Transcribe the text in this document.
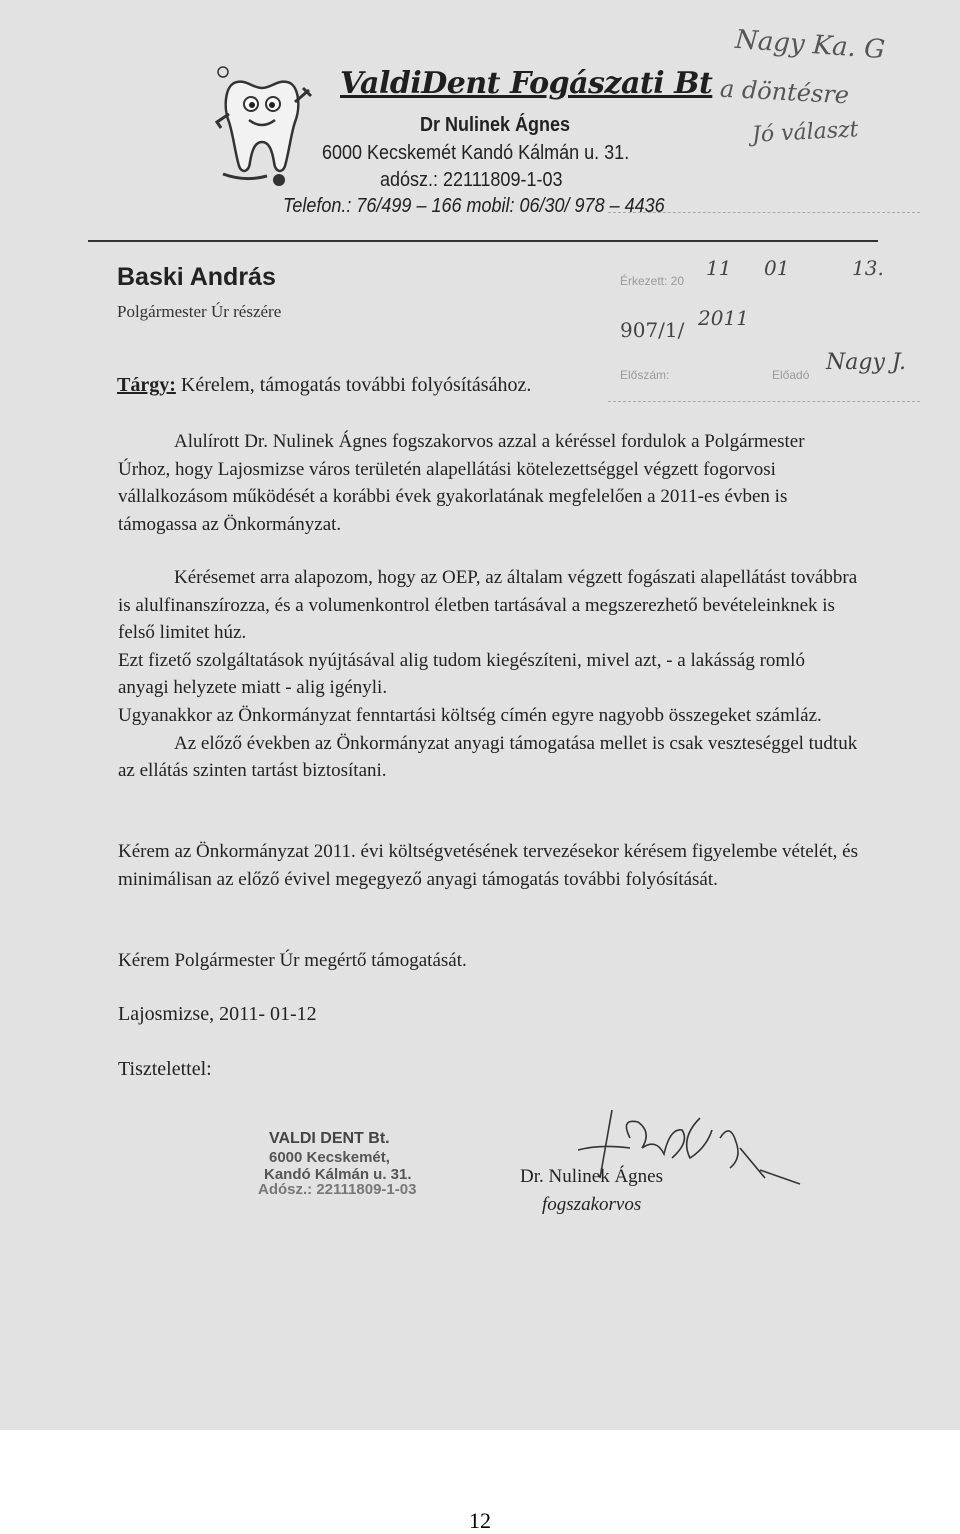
ValdiDent Fogászati Bt
Dr Nulinek Ágnes
6000 Kecskemét Kandó Kálmán u. 31.
adósz.: 22111809-1-03
Telefon.: 76/499 – 166 mobil: 06/30/ 978 – 4436
Nagy Ka. G
a döntésre
Jó választ
Érkezett: 20
11 01	13.
907/1/ 2011
Előszám:	Előadó Nagy J.
Baski András
Polgármester Úr részére
Tárgy: Kérelem, támogatás további folyósításához.

Alulírott Dr. Nulinek Ágnes fogszakorvos azzal a kéréssel fordulok a Polgármester Úrhoz, hogy Lajosmizse város területén alapellátási kötelezettséggel végzett fogorvosi vállalkozásom működését a korábbi évek gyakorlatának megfelelően a 2011-es évben is támogassa az Önkormányzat.

Kérésemet arra alapozom, hogy az OEP, az általam végzett fogászati alapellátást továbbra is alulfinanszírozza, és a volumenkontrol életben tartásával a megszerezhető bevételeinknek is felső limitet húz.

Ezt fizető szolgáltatások nyújtásával alig tudom kiegészíteni, mivel azt, - a lakásság romló anyagi helyzete miatt - alig igényli.

Ugyanakkor az Önkormányzat fenntartási költség címén egyre nagyobb összegeket számláz.

Az előző években az Önkormányzat anyagi támogatása mellet is csak veszteséggel tudtuk az ellátás szinten tartást biztosítani.

Kérem az Önkormányzat 2011. évi költségvetésének tervezésekor kérésem figyelembe vételét, és minimálisan az előző évivel megegyező anyagi támogatás további folyósítását.

Kérem Polgármester Úr megértő támogatását.

Lajosmizse, 2011- 01-12
Tisztelettel:
VALDI DENT Bt.
6000 Kecskemét,
Kandó Kálmán u. 31.
Adósz.: 22111809-1-03
Dr. Nulinek Ágnes
fogszakorvos
12
